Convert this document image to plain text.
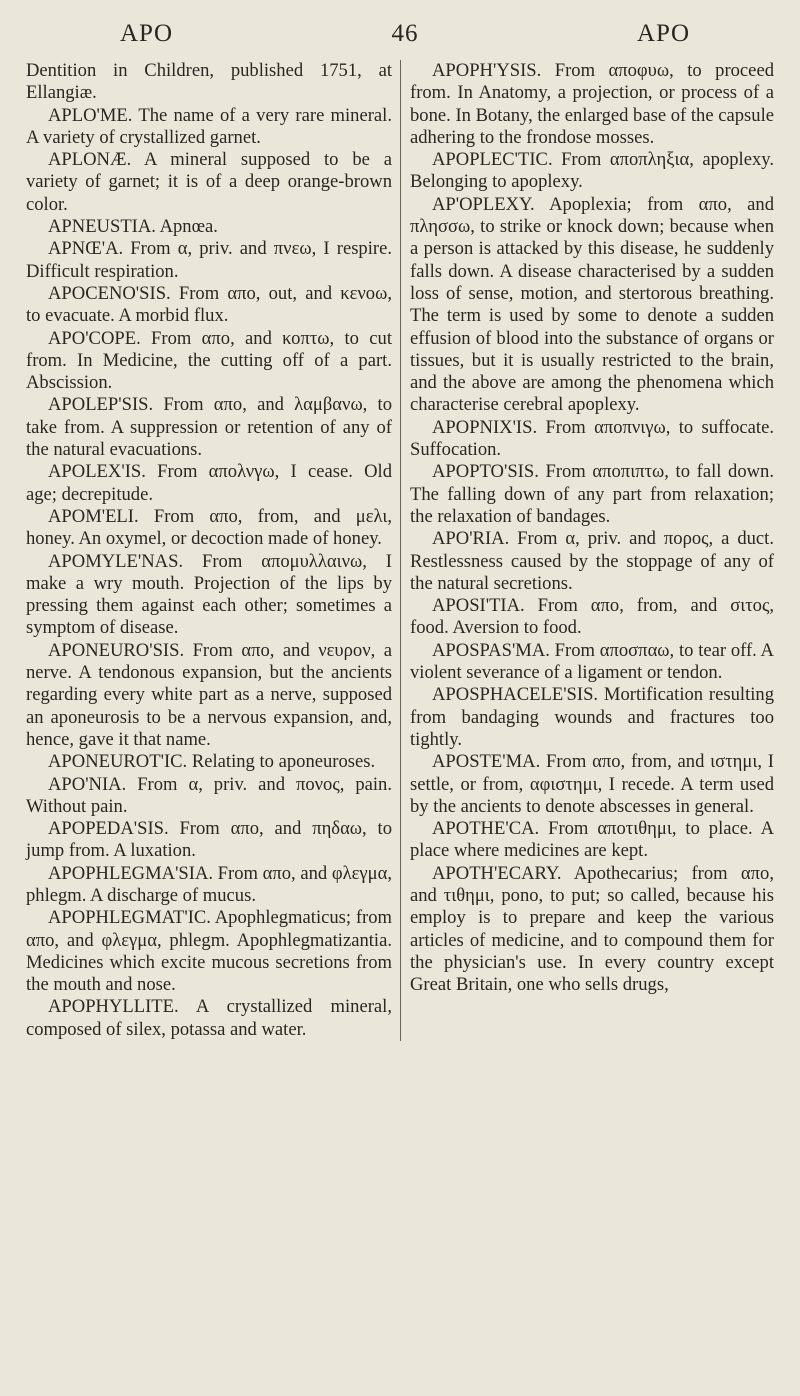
APO	46	APO

Dentition in Children, published 1751, at Ellangiæ.

APLO'ME. The name of a very rare mineral. A variety of crystallized garnet.

APLONÆ. A mineral supposed to be a variety of garnet; it is of a deep orange-brown color.

APNEUSTIA. Apnœa.

APNŒ'A. From α, priv. and πνεω, I respire. Difficult respiration.

APOCENO'SIS. From απο, out, and κενοω, to evacuate. A morbid flux.

APO'COPE. From απο, and κοπτω, to cut from. In Medicine, the cutting off of a part. Abscission.

APOLEP'SIS. From απο, and λαμβανω, to take from. A suppression or retention of any of the natural evacuations.

APOLEX'IS. From απολνγω, I cease. Old age; decrepitude.

APOM'ELI. From απο, from, and μελι, honey. An oxymel, or decoction made of honey.

APOMYLE'NAS. From απομυλλαινω, I make a wry mouth. Projection of the lips by pressing them against each other; sometimes a symptom of disease.

APONEURO'SIS. From απο, and νευρον, a nerve. A tendonous expansion, but the ancients regarding every white part as a nerve, supposed an aponeurosis to be a nervous expansion, and, hence, gave it that name.

APONEUROT'IC. Relating to aponeuroses.

APO'NIA. From α, priv. and πονος, pain. Without pain.

APOPEDA'SIS. From απο, and πηδαω, to jump from. A luxation.

APOPHLEGMA'SIA. From απο, and φλεγμα, phlegm. A discharge of mucus.

APOPHLEGMAT'IC. Apophlegmaticus; from απο, and φλεγμα, phlegm. Apophlegmatizantia. Medicines which excite mucous secretions from the mouth and nose.

APOPHYLLITE. A crystallized mineral, composed of silex, potassa and water.

APOPH'YSIS. From αποφυω, to proceed from. In Anatomy, a projection, or process of a bone. In Botany, the enlarged base of the capsule adhering to the frondose mosses.

APOPLEC'TIC. From αποπληξια, apoplexy. Belonging to apoplexy.

AP'OPLEXY. Apoplexia; from απο, and πλησσω, to strike or knock down; because when a person is attacked by this disease, he suddenly falls down. A disease characterised by a sudden loss of sense, motion, and stertorous breathing. The term is used by some to denote a sudden effusion of blood into the substance of organs or tissues, but it is usually restricted to the brain, and the above are among the phenomena which characterise cerebral apoplexy.

APOPNIX'IS. From αποπνιγω, to suffocate. Suffocation.

APOPTO'SIS. From αποπιπτω, to fall down. The falling down of any part from relaxation; the relaxation of bandages.

APO'RIA. From α, priv. and πορος, a duct. Restlessness caused by the stoppage of any of the natural secretions.

APOSI'TIA. From απο, from, and σιτος, food. Aversion to food.

APOSPAS'MA. From αποσπαω, to tear off. A violent severance of a ligament or tendon.

APOSPHACELE'SIS. Mortification resulting from bandaging wounds and fractures too tightly.

APOSTE'MA. From απο, from, and ιστημι, I settle, or from, αφιστημι, I recede. A term used by the ancients to denote abscesses in general.

APOTHE'CA. From αποτιθημι, to place. A place where medicines are kept.

APOTH'ECARY. Apothecarius; from απο, and τιθημι, pono, to put; so called, because his employ is to prepare and keep the various articles of medicine, and to compound them for the physician's use. In every country except Great Britain, one who sells drugs,
